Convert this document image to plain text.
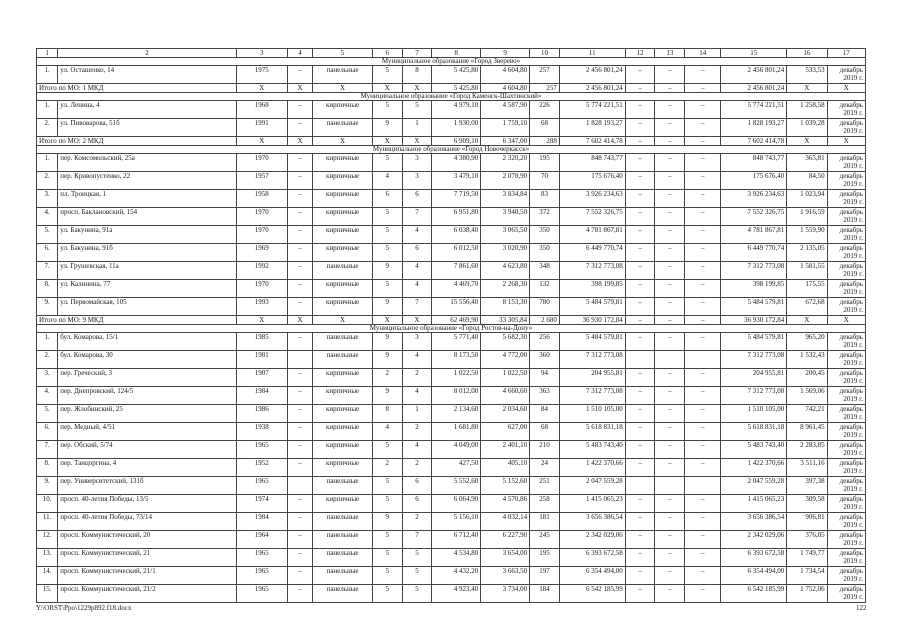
1	2	3	4	5	6	7	8	9	10	11	12	13	14	15	16	17
Муниципальное образование «Город Зверево»																
1.	ул. Осташенко, 14	1975	–	панельные	5	8	5 425,80	4 604,80	257	2 456 801,24	–	–	–	2 456 801,24	533,53	декабрь
2019 г.
Итого по МО: 1 МКД		X	X	X	X	X	5 425,80	4 604,80	257	2 456 801,24	–	–	–	2 456 801,24	X	X
Муниципальное образование «Город Каменск-Шахтинский»																
1.	ул. Ленина, 4	1968	–	кирпичные	5	5	4 979,10	4 587,90	226	5 774 221,51	–	–	–	5 774 221,51	1 258,58	декабрь
2019 г.
2.	ул. Пивоварова, 51б	1991	–	панельные	9	1	1 930,00	1 759,10	68	1 828 193,27	–	–	–	1 828 193,27	1 039,28	декабрь
2019 г.
Итого по МО: 2 МКД		X	X	X	X	X	6 909,10	6 347,00	288	7 602 414,78	–	–	–	7 602 414,78	X	X
Муниципальное образование «Город Новочеркасск»																
1.	пер. Комсомольский, 25а	1970	–	кирпичные	5	3	4 380,90	2 320,20	195	848 743,77	–	–	–	848 743,77	365,81	декабрь
2019 г.
2.	пер. Кривопустенко, 22	1957	–	кирпичные	4	3	3 479,10	2 078,90	70	175 676,40	–	–	–	175 676,40	84,50	декабрь
2019 г.
3.	пл. Троицкая, 1	1958	–	кирпичные	6	6	7 719,50	3 834,84	83	3 926 234,63	–	–	–	3 926 234,63	1 023,94	декабрь
2019 г.
4.	просп. Баклановский, 154	1970	–	кирпичные	5	7	6 951,80	3 940,50	372	7 552 326,75	–	–	–	7 552 326,75	1 916,59	декабрь
2019 г.
5.	ул. Бакунина, 91а	1970	–	кирпичные	5	4	6 038,40	3 065,50	350	4 781 867,81	–	–	–	4 781 867,81	1 559,90	декабрь
2019 г.
6.	ул. Бакунина, 91б	1969	–	кирпичные	5	6	6 012,50	3 020,90	350	6 449 770,74	–	–	–	6 449 770,74	2 135,05	декабрь
2019 г.
7.	ул. Грушевская, 11а	1992	–	панельные	9	4	7 861,60	4 623,80	348	7 312 773,08	–	–	–	7 312 773,08	1 581,55	декабрь
2019 г.
8.	ул. Калинина, 77	1970	–	кирпичные	5	4	4 469,70	2 268,30	132	398 199,85	–	–	–	398 199,85	175,55	декабрь
2019 г.
9.	ул. Первомайская, 105	1993	–	кирпичные	9	7	15 556,40	8 153,30	780	5 484 579,81	–	–	–	5 484 579,81	672,68	декабрь
2019 г.
Итого по МО: 9 МКД		X	X	X	X	X	62 469,90	33 305,84	2 680	36 930 172,84	–	–	–	36 930 172,84	X	X
Муниципальное образование «Город Ростов-на-Дону»																
1.	бул. Комарова, 15/1	1985	–	панельные	9	3	5 771,40	5 682,30	256	5 484 579,81	–	–	–	5 484 579,81	965,20	декабрь
2019 г.
2.	бул. Комарова, 30	1981		панельные	9	4	8 173,50	4 772,00	360	7 312 773,08				7 312 773,08	1 532,43	декабрь
2019 г.
3.	пер. Греческий, 3	1907	–	кирпичные	2	2	1 022,50	1 022,50	94	204 955,81	–	–	–	204 955,81	200,45	декабрь
2019 г.
4.	пер. Днепровский, 124/5	1984	–	кирпичные	9	4	8 012,00	4 660,60	363	7 312 773,08	–	–	–	7 312 773,08	1 569,06	декабрь
2019 г.
5.	пер. Жлобинский, 25	1986	–	кирпичные	8	1	2 134,60	2 034,60	84	1 510 105,00	–	–	–	1 510 105,00	742,21	декабрь
2019 г.
6.	пер. Медный, 4/51	1938	–	кирпичные	4	2	1 681,80	627,00	68	5 618 831,18	–	–	–	5 618 831,18	8 961,45	декабрь
2019 г.
7.	пер. Обский, 5/74	1965	–	кирпичные	5	4	4 049,00	2 401,10	210	5 483 743,40	–	–	–	5 483 743,40	2 283,85	декабрь
2019 г.
8.	пер. Танцоргина, 4	1952	–	кирпичные	2	2	427,50	405,10	24	1 422 370,66	–	–	–	1 422 370,66	3 511,16	декабрь
2019 г.
9.	пер. Университетский, 131б	1965		панельные	5	6	5 552,60	5 152,60	251	2 047 559,28				2 047 559,28	397,38	декабрь
2019 г.
10.	просп. 40-летия Победы, 13/5	1974	–	кирпичные	5	6	6 064,90	4 570,86	258	1 415 065,23	–	–	–	1 415 065,23	309,58	декабрь
2019 г.
11.	просп. 40-летия Победы, 73/14	1984	–	панельные	9	2	5 156,10	4 032,14	181	3 656 386,54	–	–	–	3 656 386,54	906,81	декабрь
2019 г.
12.	просп. Коммунистический, 20	1964	–	панельные	5	7	6 712,40	6 227,90	245	2 342 029,06	–	–	–	2 342 029,06	376,05	декабрь
2019 г.
13.	просп. Коммунистический, 21	1965	–	панельные	5	5	4 534,80	3 654,00	195	6 393 672,58	–	–	–	6 393 672,58	1 749,77	декабрь
2019 г.
14.	просп. Коммунистический, 21/1	1965	–	панельные	5	5	4 432,20	3 663,50	197	6 354 494,00	–	–	–	6 354 494,00	1 734,54	декабрь
2019 г.
15.	просп. Коммунистический, 21/2	1965	–	панельные	5	5	4 923,40	3 734,00	184	6 542 185,99	–	–	–	6 542 185,99	1 752,06	декабрь
2019 г.
Y:\ORST\Ppo\1229p892.f18.docx	122
